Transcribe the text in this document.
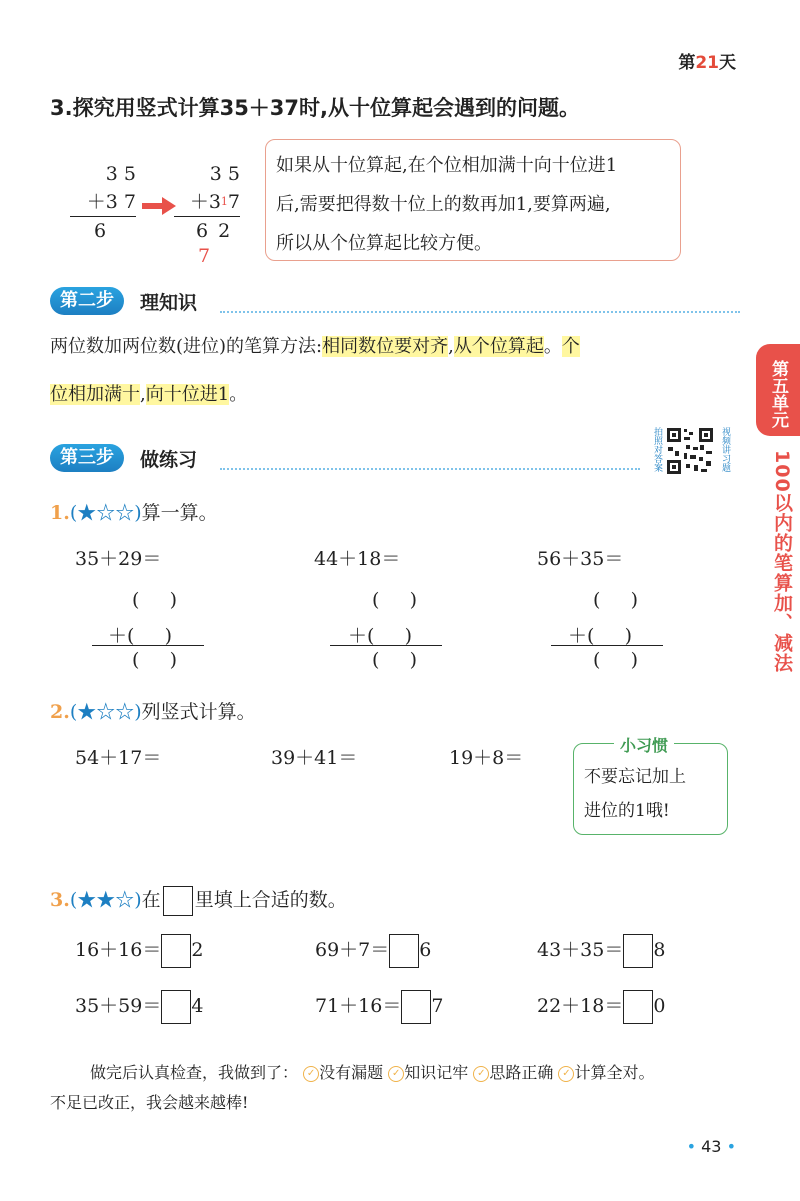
第21天
3.探究用竖式计算35＋37时,从十位算起会遇到的问题。
3 5
＋3 7
6
3 5
＋3 1 7
6 2
7
如果从十位算起,在个位相加满十向十位进1
后,需要把得数十位上的数再加1,要算两遍,
所以从个位算起比较方便。
第二步	理知识
两位数加两位数(进位)的笔算方法:相同数位要对齐,从个位算起。个
位相加满十,向十位进1。	第五单元
100以内的笔算加、减法
拍照对答案	视频讲习题
第三步	做练习
1.(★☆☆)算一算。
35＋29＝	44＋18＝	56＋35＝
(     )
＋(     )
(     )
(     )
＋(     )
(     )
(     )
＋(     )
(     )
2.(★☆☆)列竖式计算。
54＋17＝	39＋41＝	19＋8＝
不要忘记加上
进位的1哦!
小习惯
3.(★★☆)在 里填上合适的数。
16＋16＝ 2	69＋7＝ 6	43＋35＝ 8
35＋59＝ 4	71＋16＝ 7	22＋18＝ 0
做完后认真检查，我做到了： ✓ 没有漏题 ✓ 知识记牢 ✓ 思路正确 ✓ 计算全对。
不足已改正，我会越来越棒!
• 43 •
